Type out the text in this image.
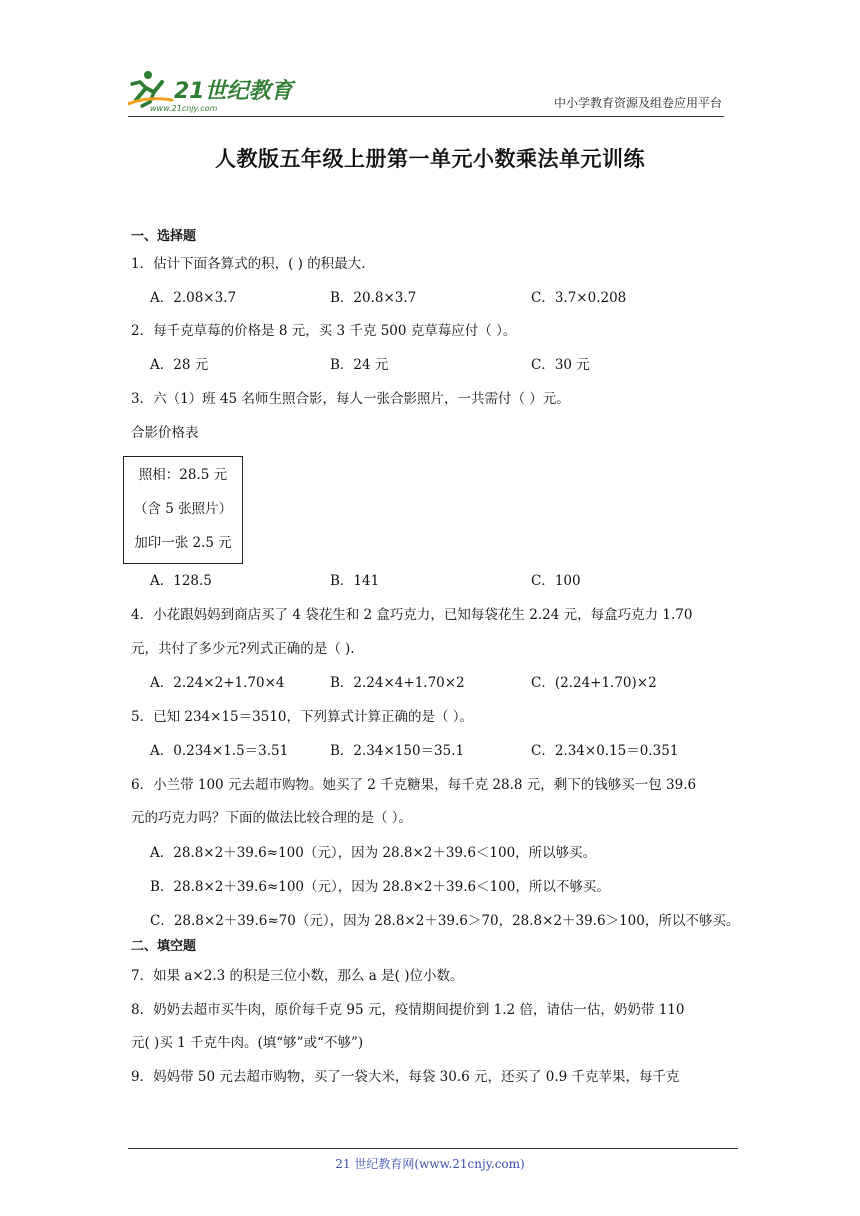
21世纪教育
www.21cnjy.com	中小学教育资源及组卷应用平台
人教版五年级上册第一单元小数乘法单元训练
一、选择题
1．估计下面各算式的积，( ) 的积最大.
A．2.08×3.7	B．20.8×3.7	C．3.7×0.208
2．每千克草莓的价格是 8 元，买 3 千克 500 克草莓应付（ ）。
A．28 元	B．24 元	C．30 元
3．六（1）班 45 名师生照合影，每人一张合影照片，一共需付（ ）元。
合影价格表
照相：28.5 元
（含 5 张照片）
加印一张 2.5 元
A．128.5	B．141	C．100
4．小花跟妈妈到商店买了 4 袋花生和 2 盒巧克力，已知每袋花生 2.24 元，每盒巧克力 1.70
元，共付了多少元?列式正确的是（ ).
A．2.24×2+1.70×4	B．2.24×4+1.70×2	C．(2.24+1.70)×2
5．已知 234×15＝3510，下列算式计算正确的是（ ）。
A．0.234×1.5＝3.51	B．2.34×150＝35.1	C．2.34×0.15＝0.351
6．小兰带 100 元去超市购物。她买了 2 千克糖果，每千克 28.8 元，剩下的钱够买一包 39.6
元的巧克力吗？下面的做法比较合理的是（ ）。
A．28.8×2＋39.6≈100（元），因为 28.8×2＋39.6＜100，所以够买。
B．28.8×2＋39.6≈100（元），因为 28.8×2＋39.6＜100，所以不够买。
C．28.8×2＋39.6≈70（元），因为 28.8×2＋39.6＞70，28.8×2＋39.6＞100，所以不够买。
二、填空题
7．如果 a×2.3 的积是三位小数，那么 a 是( )位小数。
8．奶奶去超市买牛肉，原价每千克 95 元，疫情期间提价到 1.2 倍，请估一估，奶奶带 110
元( )买 1 千克牛肉。(填“够”或“不够”)
9．妈妈带 50 元去超市购物，买了一袋大米，每袋 30.6 元，还买了 0.9 千克苹果，每千克
21 世纪教育网(www.21cnjy.com)
